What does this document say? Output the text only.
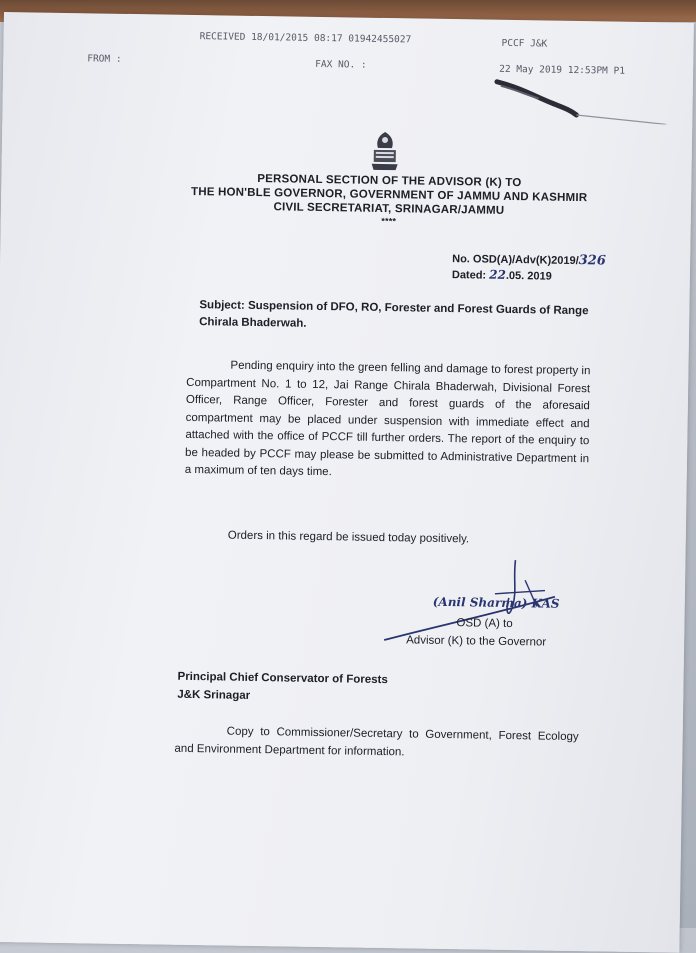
RECEIVED 18/01/2015 08:17 01942455027	PCCF J&K
FROM :	FAX NO. :	22 May 2019 12:53PM P1
PERSONAL SECTION OF THE ADVISOR (K) TO
THE HON'BLE GOVERNOR, GOVERNMENT OF JAMMU AND KASHMIR
CIVIL SECRETARIAT, SRINAGAR/JAMMU
****
No. OSD(A)/Adv(K)2019/326
Dated: 22.05. 2019
Subject: Suspension of DFO, RO, Forester and Forest Guards of Range Chirala Bhaderwah.
Pending enquiry into the green felling and damage to forest property in Compartment No. 1 to 12, Jai Range Chirala Bhaderwah, Divisional Forest Officer, Range Officer, Forester and forest guards of the aforesaid compartment may be placed under suspension with immediate effect and attached with the office of PCCF till further orders. The report of the enquiry to be headed by PCCF may please be submitted to Administrative Department in a maximum of ten days time.
Orders in this regard be issued today positively.
(Anil Sharma) KAS
OSD (A) to
Advisor (K) to the Governor
Principal Chief Conservator of Forests
J&K Srinagar
Copy to Commissioner/Secretary to Government, Forest Ecology and Environment Department for information.
